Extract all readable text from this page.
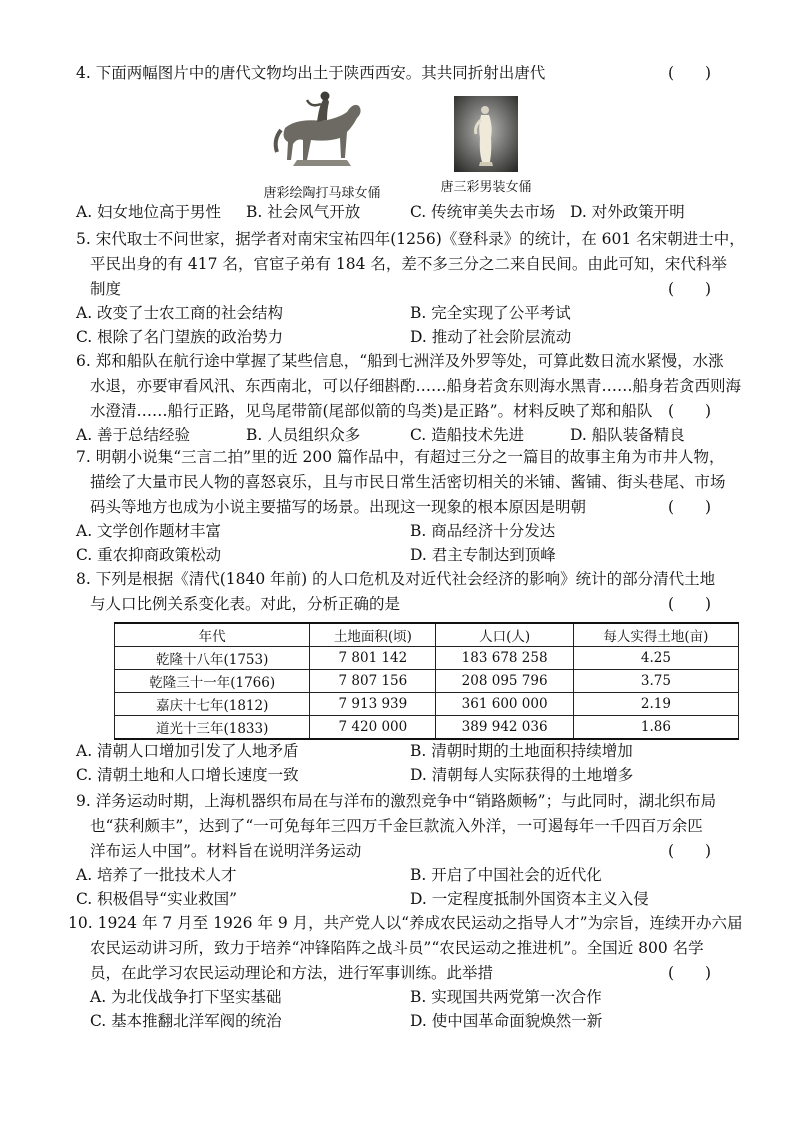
4. 下面两幅图片中的唐代文物均出土于陕西西安。其共同折射出唐代	(　　)
唐彩绘陶打马球女俑	唐三彩男装女俑
A. 妇女地位高于男性 B. 社会风气开放	C. 传统审美失去市场 D. 对外政策开明
5. 宋代取士不问世家，据学者对南宋宝祐四年(1256)《登科录》的统计，在 601 名宋朝进士中，
平民出身的有 417 名，官宦子弟有 184 名，差不多三分之二来自民间。由此可知，宋代科举
制度	(　　)
A. 改变了士农工商的社会结构	B. 完全实现了公平考试
C. 根除了名门望族的政治势力	D. 推动了社会阶层流动
6. 郑和船队在航行途中掌握了某些信息，“船到七洲洋及外罗等处，可算此数日流水紧慢，水涨
水退，亦要审看风汛、东西南北，可以仔细斟酌……船身若贪东则海水黑青……船身若贪西则海
水澄清……船行正路，见鸟尾带箭(尾部似箭的鸟类)是正路”。材料反映了郑和船队 (　　)
A. 善于总结经验	B. 人员组织众多	C. 造船技术先进	D. 船队装备精良
7. 明朝小说集“三言二拍”里的近 200 篇作品中，有超过三分之一篇目的故事主角为市井人物，
描绘了大量市民人物的喜怒哀乐，且与市民日常生活密切相关的米铺、酱铺、街头巷尾、市场
码头等地方也成为小说主要描写的场景。出现这一现象的根本原因是明朝	(　　)
A. 文学创作题材丰富	B. 商品经济十分发达
C. 重农抑商政策松动	D. 君主专制达到顶峰
8. 下列是根据《清代(1840 年前) 的人口危机及对近代社会经济的影响》统计的部分清代土地
与人口比例关系变化表。对此，分析正确的是	(　　)
年代	土地面积(顷)	人口(人)	每人实得土地(亩)
乾隆十八年(1753)	7 801 142	183 678 258	4.25
乾隆三十一年(1766)	7 807 156	208 095 796	3.75
嘉庆十七年(1812)	7 913 939	361 600 000	2.19
道光十三年(1833)	7 420 000	389 942 036	1.86
A. 清朝人口增加引发了人地矛盾	B. 清朝时期的土地面积持续增加
C. 清朝土地和人口增长速度一致	D. 清朝每人实际获得的土地增多
9. 洋务运动时期，上海机器织布局在与洋布的激烈竞争中“销路颇畅”；与此同时，湖北织布局
也“获利颇丰”，达到了“一可免每年三四万千金巨款流入外洋，一可遏每年一千四百万余匹
洋布运人中国”。材料旨在说明洋务运动	(　　)
A. 培养了一批技术人才	B. 开启了中国社会的近代化
C. 积极倡导“实业救国”	D. 一定程度抵制外国资本主义入侵
10. 1924 年 7 月至 1926 年 9 月，共产党人以“养成农民运动之指导人才”为宗旨，连续开办六届
农民运动讲习所，致力于培养“冲锋陷阵之战斗员”“农民运动之推进机”。全国近 800 名学
员，在此学习农民运动理论和方法，进行军事训练。此举措	(　　)
A. 为北伐战争打下坚实基础	B. 实现国共两党第一次合作
C. 基本推翻北洋军阀的统治	D. 使中国革命面貌焕然一新
